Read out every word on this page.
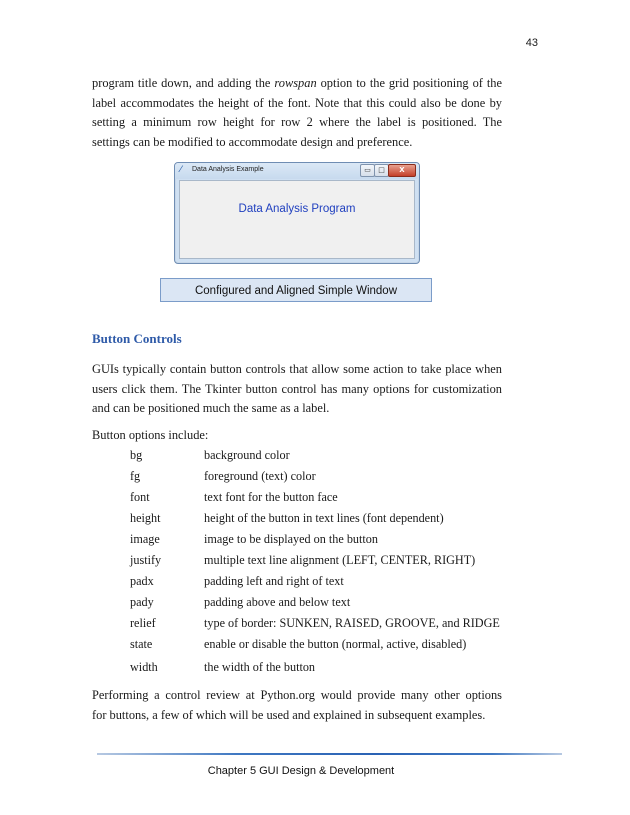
43

program title down, and adding the rowspan option to the grid positioning of the
label accommodates the height of the font. Note that this could also be done by
setting a minimum row height for row 2 where the label is positioned. The
settings can be modified to accommodate design and preference.

⁄ Data Analysis Example	▭	□	X
Data Analysis Program
Configured and Aligned Simple Window
Button Controls

GUIs typically contain button controls that allow some action to take place when
users click them. The Tkinter button control has many options for customization
and can be positioned much the same as a label.

Button options include:

bg	background color
fg	foreground (text) color
font	text font for the button face
height	height of the button in text lines (font dependent)
image	image to be displayed on the button
justify	multiple text line alignment (LEFT, CENTER, RIGHT)
padx	padding left and right of text
pady	padding above and below text
relief	type of border: SUNKEN, RAISED, GROOVE, and RIDGE
state	enable or disable the button (normal, active, disabled)
width	the width of the button

Performing a control review at Python.org would provide many other options
for buttons, a few of which will be used and explained in subsequent examples.

Chapter 5 GUI Design & Development
